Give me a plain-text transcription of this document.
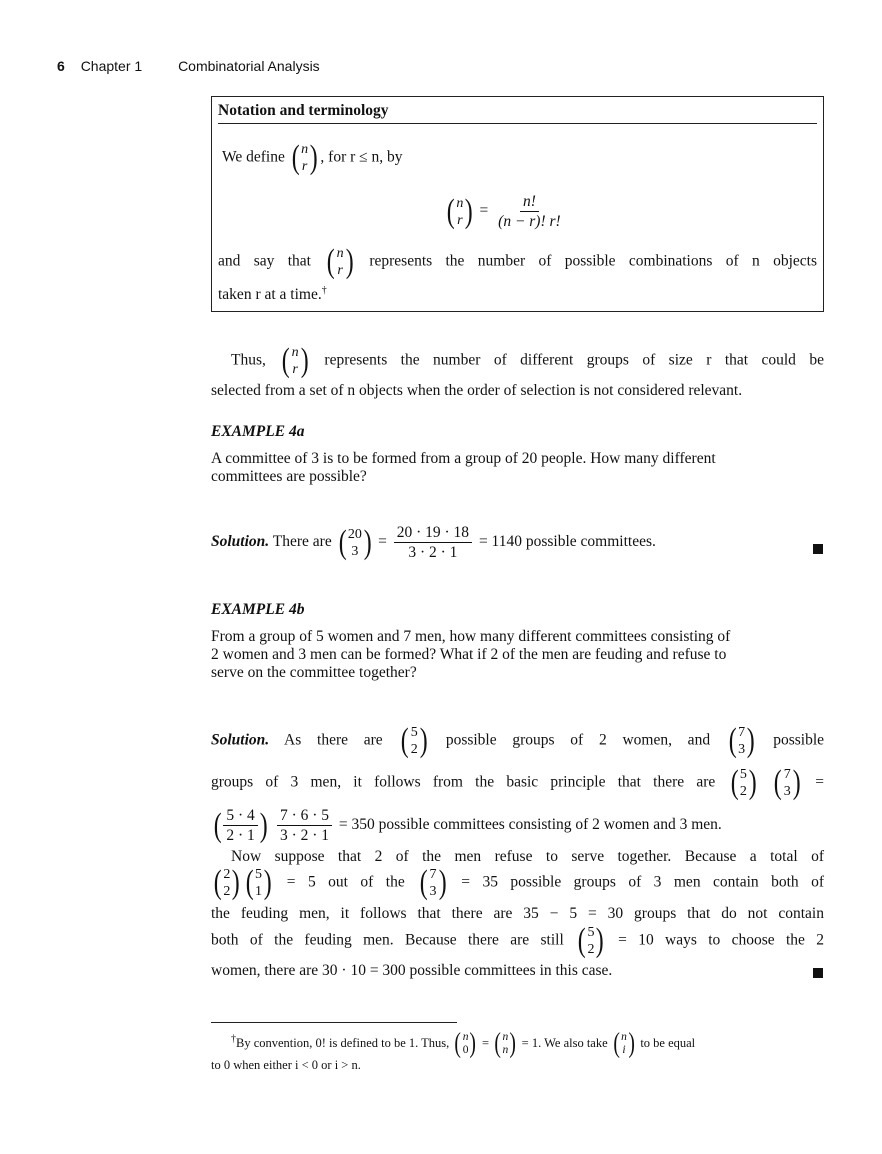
6 Chapter 1	Combinatorial Analysis
Notation and terminology
We define ( n
r ) , for r ≤ n, by
( n
r ) = $\frac{n!}{(n - r)! r!}$
and say that ( n
r ) represents the number of possible combinations of n objects
taken r at a time.†
Thus, ( n
r ) represents the number of different groups of size r that could be
selected from a set of n objects when the order of selection is not considered relevant.
EXAMPLE 4a
A committee of 3 is to be formed from a group of 20 people. How many different
committees are possible?
Solution. There are ( 20
3 ) = $\frac{20 \cdot 19 \cdot 18}{3 \cdot 2 \cdot 1} = 1140$ possible committees.
EXAMPLE 4b
From a group of 5 women and 7 men, how many different committees consisting of
2 women and 3 men can be formed? What if 2 of the men are feuding and refuse to
serve on the committee together?
Solution. As there are ( 5
2 ) possible groups of 2 women, and ( 7
3 ) possible
groups of 3 men, it follows from the basic principle that there are ( 5
2 )
( 7
3 ) =
( $\frac{5 \cdot 4}{2 \cdot 1}$ )
$\frac{7 \cdot 6 \cdot 5}{3 \cdot 2 \cdot 1} = 350$ possible committees consisting of 2 women and 3 men.
Now suppose that 2 of the men refuse to serve together. Because a total of
( 2
2 ) ( 5
1 ) = 5 out of the ( 7
3 ) = 35 possible groups of 3 men contain both of
the feuding men, it follows that there are 35 − 5 = 30 groups that do not contain
both of the feuding men. Because there are still ( 5
2 ) = 10 ways to choose the 2
women, there are 30 · 10 = 300 possible committees in this case.
†By convention, 0! is defined to be 1. Thus, ( n
0 ) = ( n
n ) = 1. We also take ( n
i ) to be equal
to 0 when either i < 0 or i > n.
